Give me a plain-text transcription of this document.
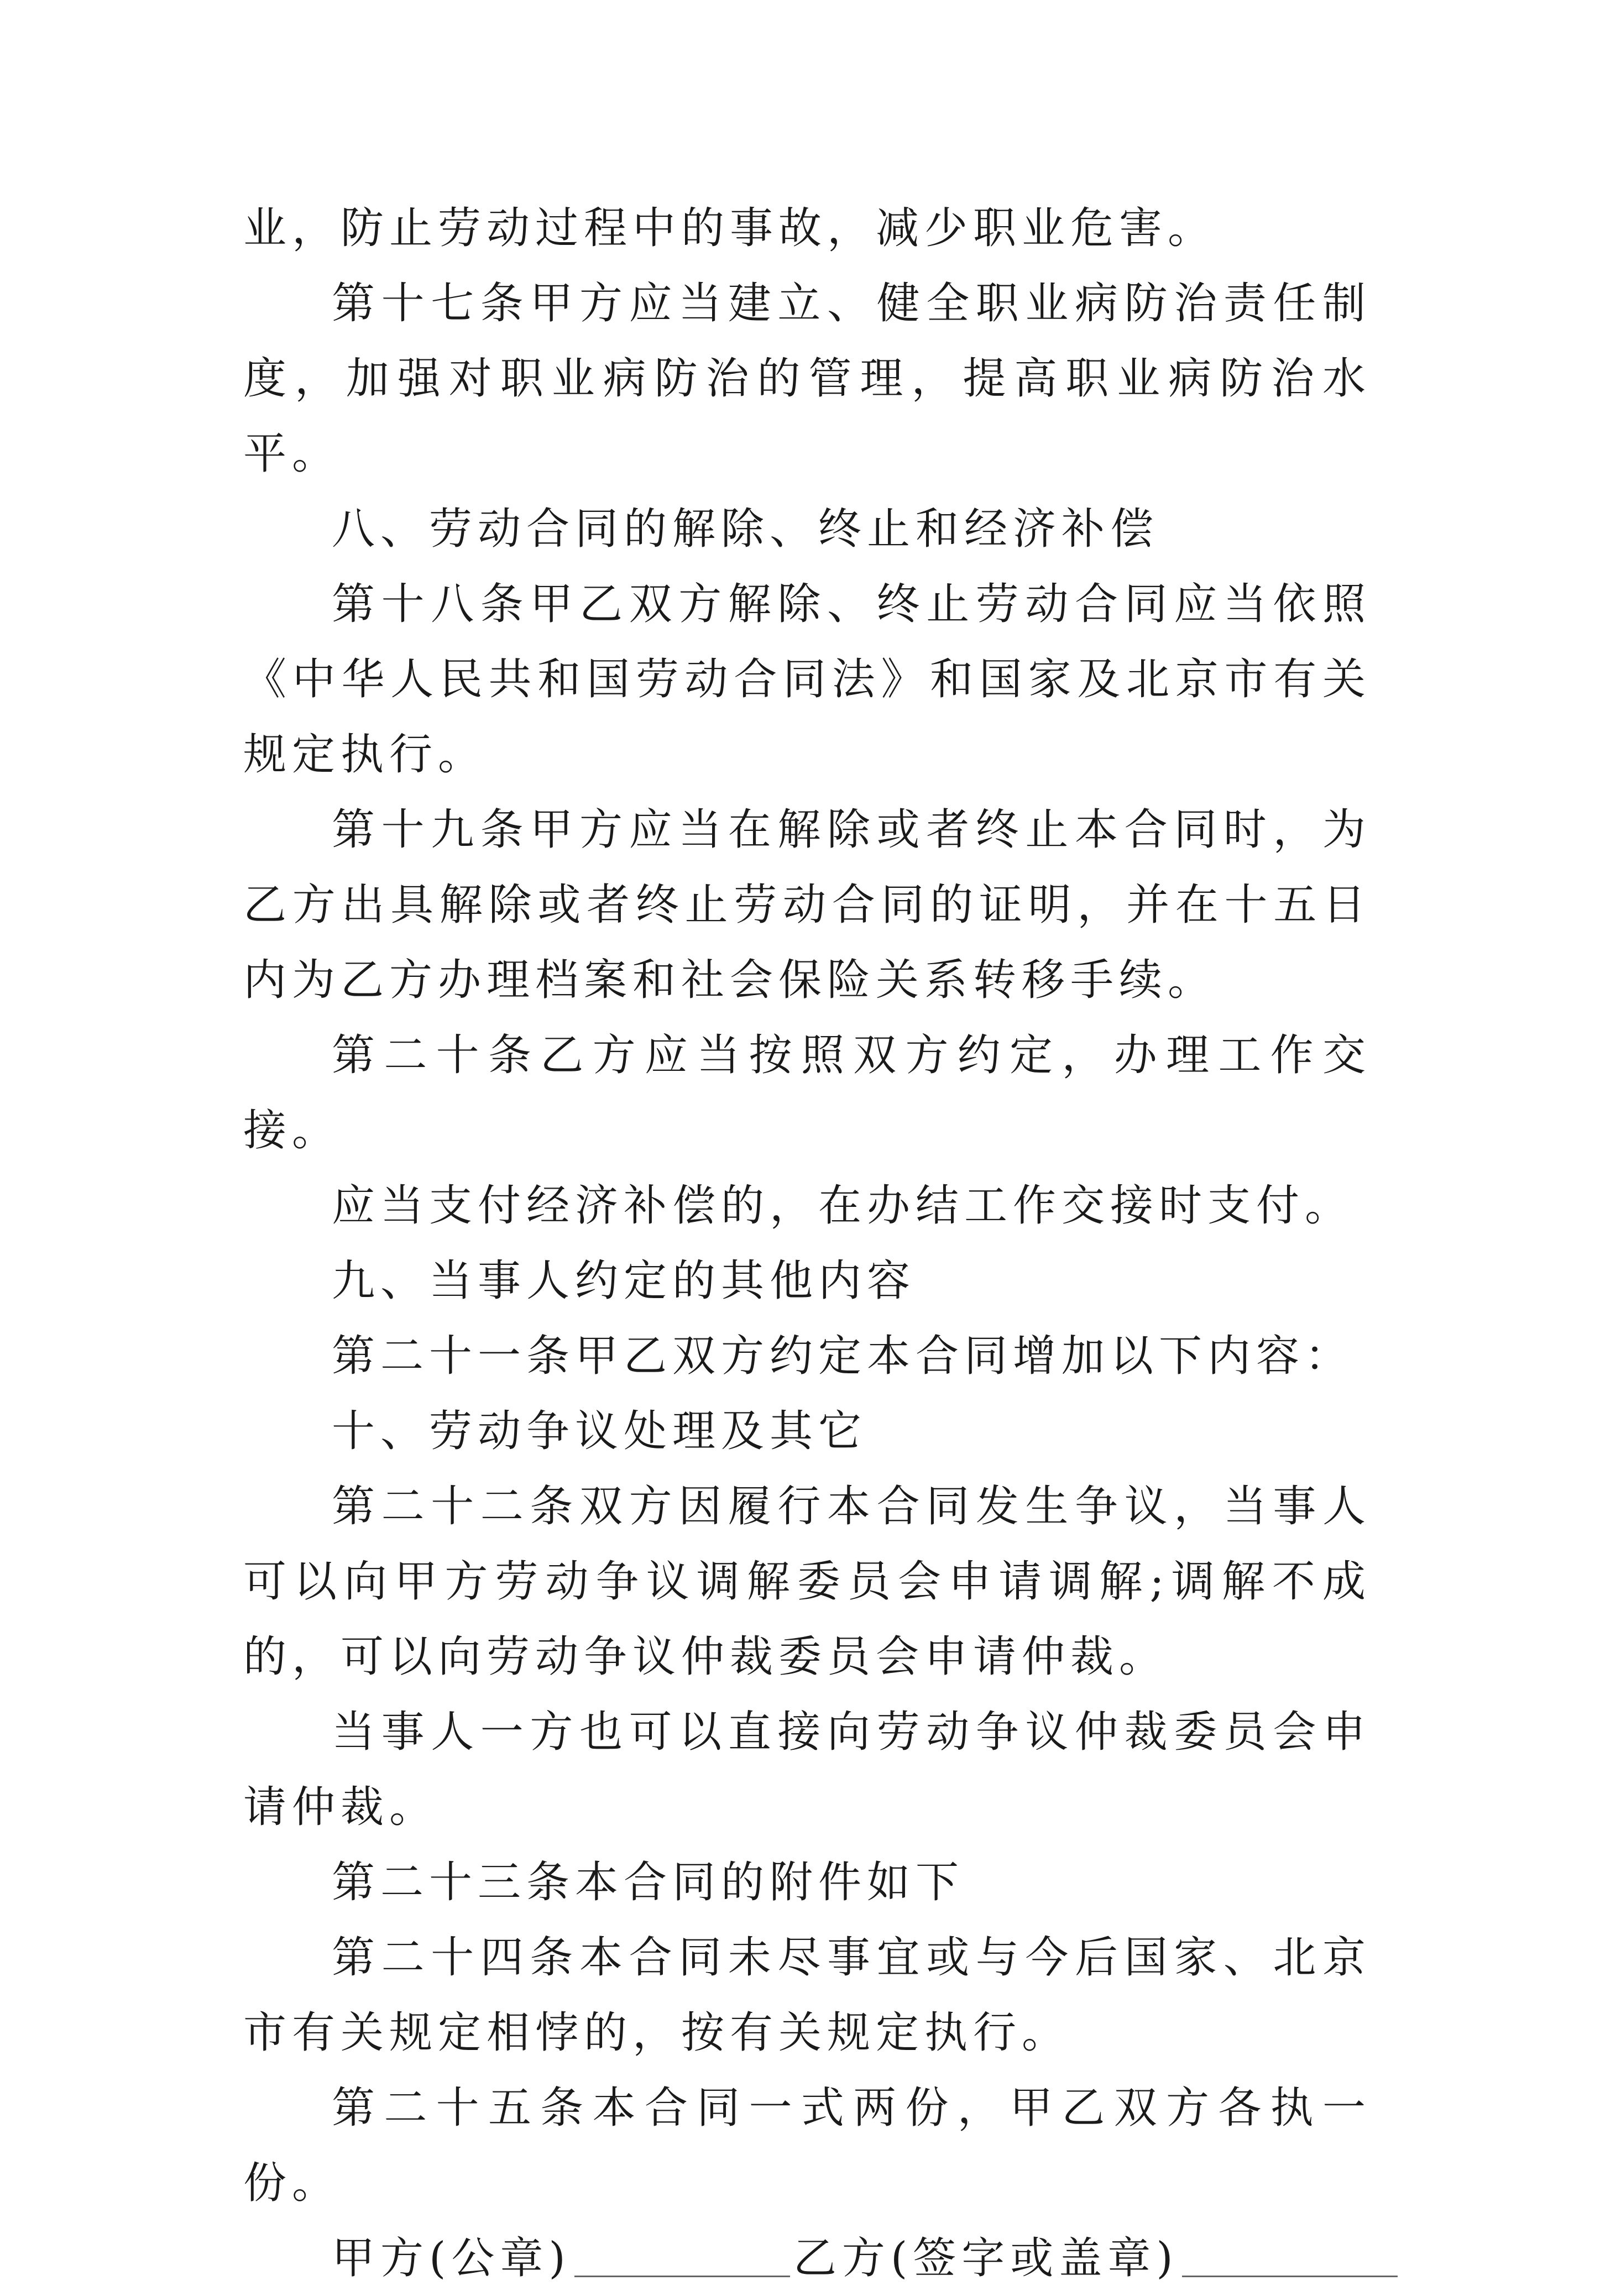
业，防止劳动过程中的事故，减少职业危害。

第十七条甲方应当建立、健全职业病防治责任制度，加强对职业病防治的管理，提高职业病防治水平。

八、劳动合同的解除、终止和经济补偿

第十八条甲乙双方解除、终止劳动合同应当依照《中华人民共和国劳动合同法》和国家及北京市有关规定执行。

第十九条甲方应当在解除或者终止本合同时，为乙方出具解除或者终止劳动合同的证明，并在十五日内为乙方办理档案和社会保险关系转移手续。

第二十条乙方应当按照双方约定，办理工作交接。

应当支付经济补偿的，在办结工作交接时支付。

九、当事人约定的其他内容

第二十一条甲乙双方约定本合同增加以下内容：

十、劳动争议处理及其它

第二十二条双方因履行本合同发生争议，当事人可以向甲方劳动争议调解委员会申请调解;调解不成的，可以向劳动争议仲裁委员会申请仲裁。

当事人一方也可以直接向劳动争议仲裁委员会申请仲裁。

第二十三条本合同的附件如下

第二十四条本合同未尽事宜或与今后国家、北京市有关规定相悖的，按有关规定执行。

第二十五条本合同一式两份，甲乙双方各执一份。

甲方(公章)	乙方(签字或盖章)
